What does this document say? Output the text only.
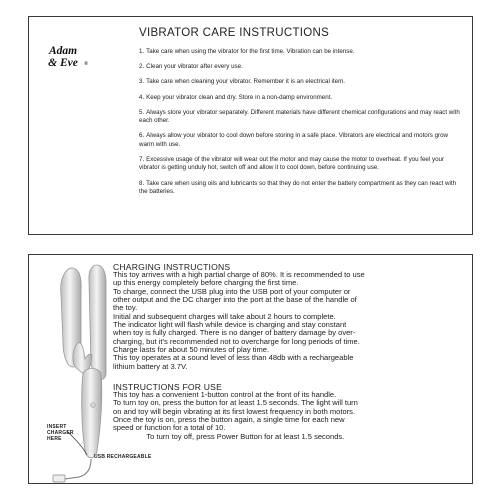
Adam
& Eve	®
VIBRATOR CARE INSTRUCTIONS
1. Take care when using the vibrator for the first time. Vibration can be intense.
2. Clean your vibrator after every use.
3. Take care when cleaning your vibrator. Remember it is an electrical item.
4. Keep your vibrator clean and dry. Store in a non-damp environment.
5. Always store your vibrator separately. Different materials have different chemical configurations and may react with each other.
6. Always allow your vibrator to cool down before storing in a safe place. Vibrators are electrical and motors grow warm with use.
7. Excessive usage of the vibrator will wear out the motor and may cause the motor to overheat. If you feel your vibrator is getting unduly hot, switch off and allow it to cool down, before continuing use.
8. Take care when using oils and lubricants so that they do not enter the battery compartment as they can react with the batteries.
INSERT
CHARGER
HERE
USB RECHARGEABLE
CHARGING INSTRUCTIONS

This toy arrives with a high partial charge of 80%. It is recommended to use

up this energy completely before charging the first time.

To charge, connect the USB plug into the USB port of your computer or

other output and the DC charger into the port at the base of the handle of

the toy.

Initial and subsequent charges will take about 2 hours to complete.

The indicator light will flash while device is charging and stay constant

when toy is fully charged. There is no danger of battery damage by over-

charging, but it's recommended not to overcharge for long periods of time.

Charge lasts for about 50 minutes of play time.

This toy operates at a sound level of less than 48db with a rechargeable

lithium battery at 3.7V.

INSTRUCTIONS FOR USE

This toy has a convenient 1-button control at the front of its handle.

To turn toy on, press the button for at least 1.5 seconds. The light will turn

on and toy will begin vibrating at its first lowest frequency in both motors.

Once the toy is on, press the button again, a single time for each new

speed or function for a total of 10.

To turn toy off, press Power Button for at least 1.5 seconds.
